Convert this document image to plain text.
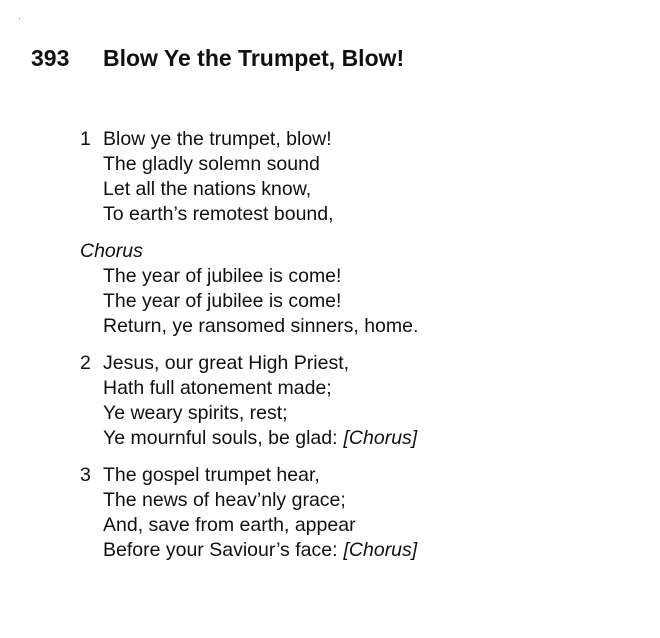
393 Blow Ye the Trumpet, Blow!
1 Blow ye the trumpet, blow!
The gladly solemn sound
Let all the nations know,
To earth’s remotest bound,
Chorus
The year of jubilee is come!
The year of jubilee is come!
Return, ye ransomed sinners, home.
2 Jesus, our great High Priest,
Hath full atonement made;
Ye weary spirits, rest;
Ye mournful souls, be glad: [Chorus]
3 The gospel trumpet hear,
The news of heav’nly grace;
And, save from earth, appear
Before your Saviour’s face: [Chorus]
